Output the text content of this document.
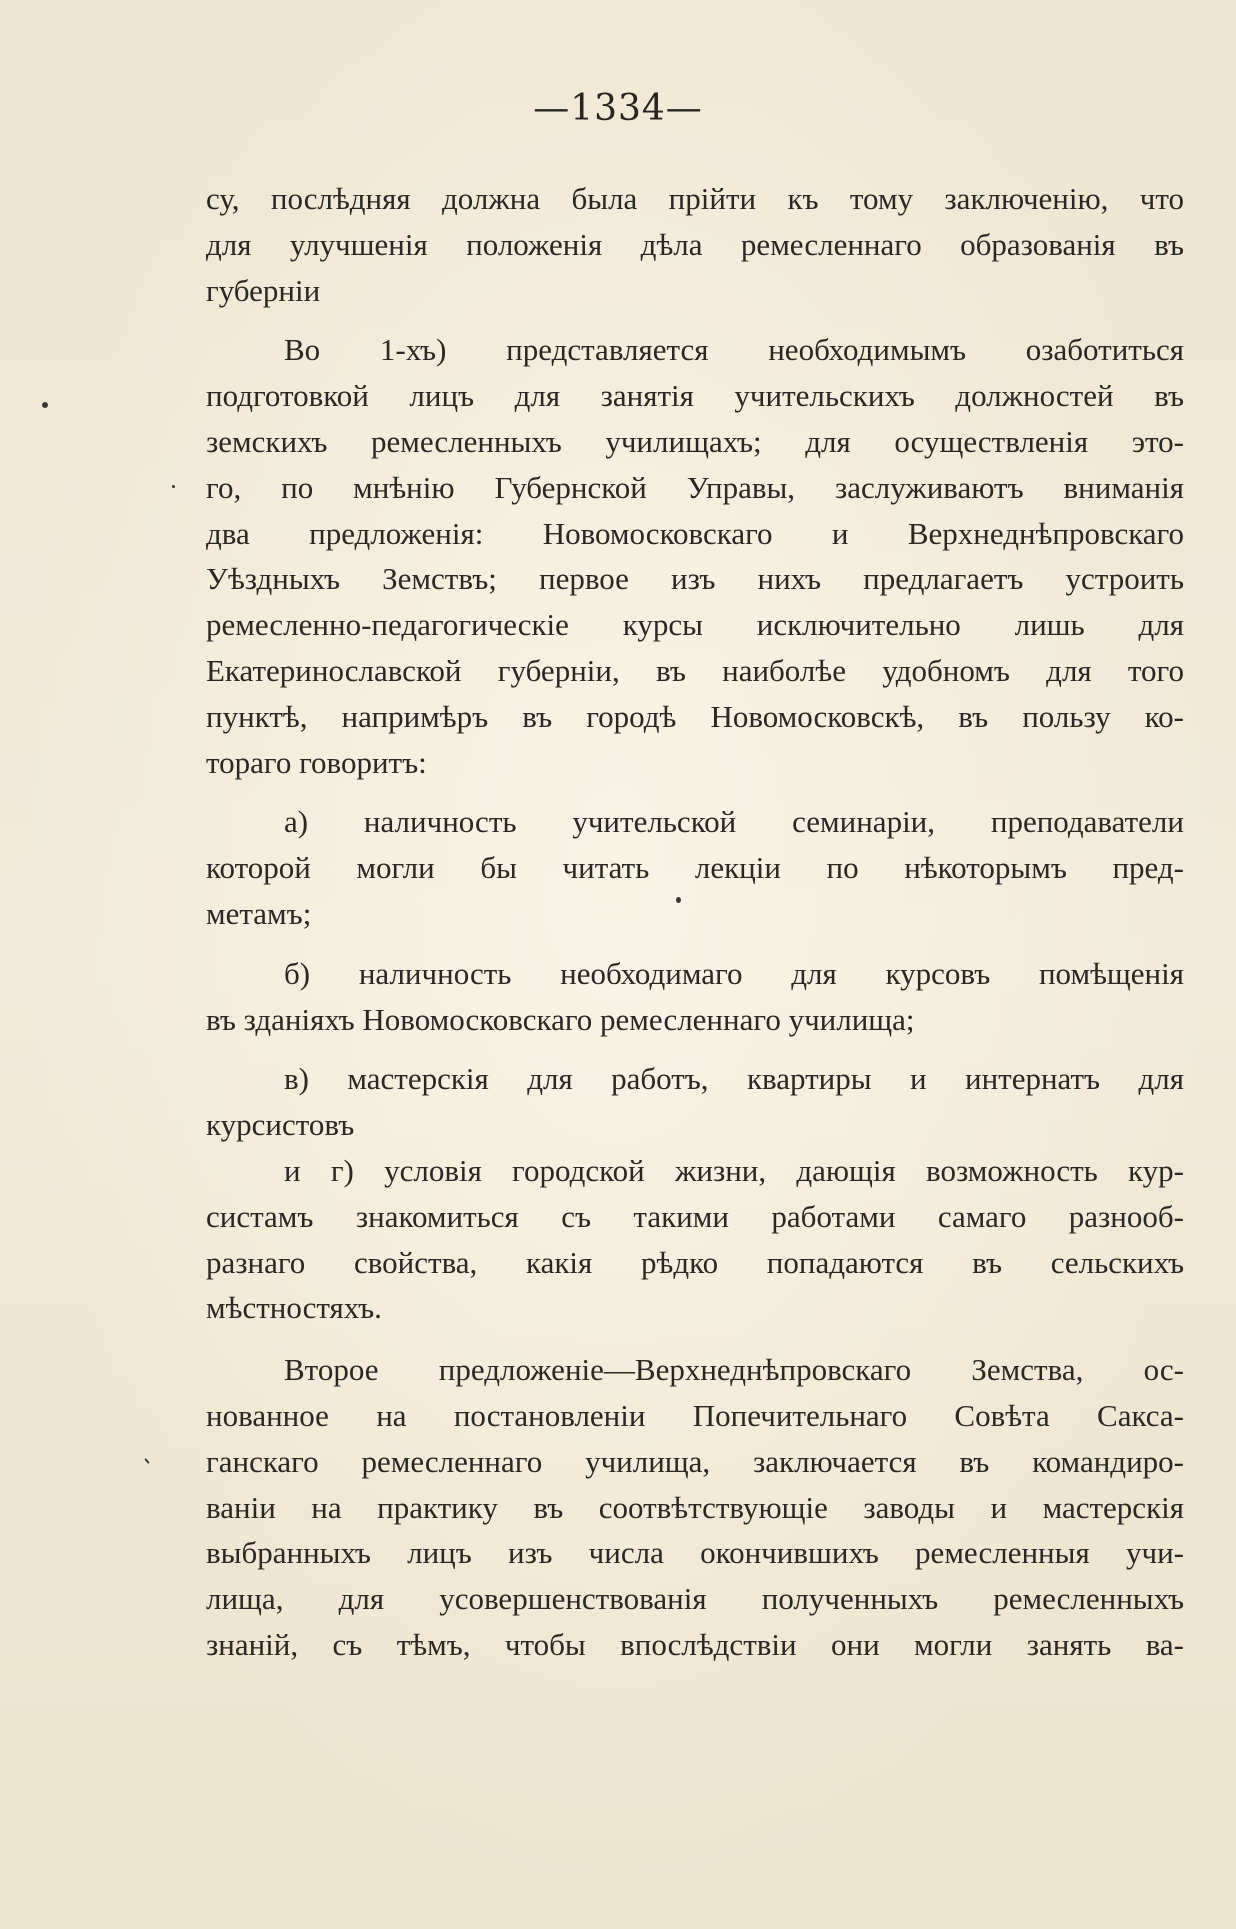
—1334—
су, послѣдняя должна была прійти къ тому заключенію, что
для улучшенія положенія дѣла ремесленнаго образованія въ
губерніи
Во 1-хъ) представляется необходимымъ озаботиться
подготовкой лицъ для занятія учительскихъ должностей въ
земскихъ ремесленныхъ училищахъ; для осуществленія это-
го, по мнѣнію Губернской Управы, заслуживаютъ вниманія
два предложенія: Новомосковскаго и Верхнеднѣпровскаго
Уѣздныхъ Земствъ; первое изъ нихъ предлагаетъ устроить
ремесленно-педагогическіе курсы исключительно лишь для
Екатеринославской губерніи, въ наиболѣе удобномъ для того
пунктѣ, напримѣръ въ городѣ Новомосковскѣ, въ пользу ко-
тораго говоритъ:
а) наличность учительской семинаріи, преподаватели
которой могли бы читать лекціи по нѣкоторымъ пред-
метамъ;
б) наличность необходимаго для курсовъ помѣщенія
въ зданіяхъ Новомосковскаго ремесленнаго училища;
в) мастерскія для работъ, квартиры и интернатъ для
курсистовъ
и г) условія городской жизни, дающія возможность кур-
систамъ знакомиться съ такими работами самаго разнооб-
разнаго свойства, какія рѣдко попадаются въ сельскихъ
мѣстностяхъ.
Второе предложеніе—Верхнеднѣпровскаго Земства, ос-
нованное на постановленіи Попечительнаго Совѣта Сакса-
ганскаго ремесленнаго училища, заключается въ командиро-
ваніи на практику въ соотвѣтствующіе заводы и мастерскія
выбранныхъ лицъ изъ числа окончившихъ ремесленныя учи-
лища, для усовершенствованія полученныхъ ремесленныхъ
знаній, съ тѣмъ, чтобы впослѣдствіи они могли занять ва-
